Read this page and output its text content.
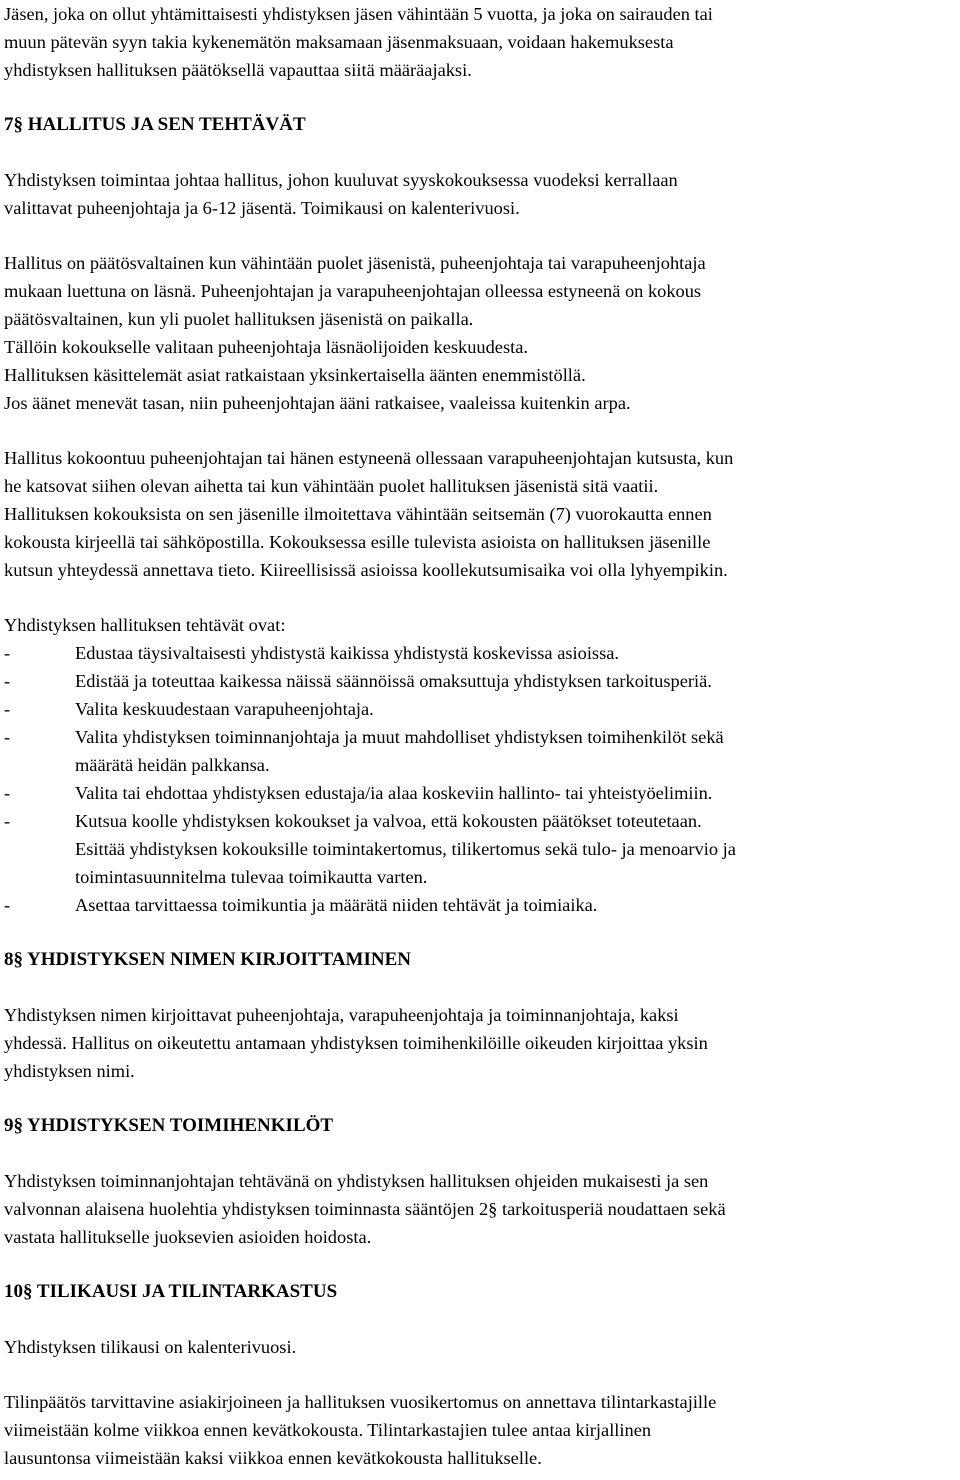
Jäsen, joka on ollut yhtämittaisesti yhdistyksen jäsen vähintään 5 vuotta, ja joka on sairauden tai
muun pätevän syyn takia kykenemätön maksamaan jäsenmaksuaan, voidaan hakemuksesta
yhdistyksen hallituksen päätöksellä vapauttaa siitä määräajaksi.
7§ HALLITUS JA SEN TEHTÄVÄT
Yhdistyksen toimintaa johtaa hallitus, johon kuuluvat syyskokouksessa vuodeksi kerrallaan
valittavat puheenjohtaja ja 6-12 jäsentä. Toimikausi on kalenterivuosi.
Hallitus on päätösvaltainen kun vähintään puolet jäsenistä, puheenjohtaja tai varapuheenjohtaja
mukaan luettuna on läsnä. Puheenjohtajan ja varapuheenjohtajan olleessa estyneenä on kokous
päätösvaltainen, kun yli puolet hallituksen jäsenistä on paikalla.
Tällöin kokoukselle valitaan puheenjohtaja läsnäolijoiden keskuudesta.
Hallituksen käsittelemät asiat ratkaistaan yksinkertaisella äänten enemmistöllä.
Jos äänet menevät tasan, niin puheenjohtajan ääni ratkaisee, vaaleissa kuitenkin arpa.
Hallitus kokoontuu puheenjohtajan tai hänen estyneenä ollessaan varapuheenjohtajan kutsusta, kun
he katsovat siihen olevan aihetta tai kun vähintään puolet hallituksen jäsenistä sitä vaatii.
Hallituksen kokouksista on sen jäsenille ilmoitettava vähintään seitsemän (7) vuorokautta ennen
kokousta kirjeellä tai sähköpostilla. Kokouksessa esille tulevista asioista on hallituksen jäsenille
kutsun yhteydessä annettava tieto. Kiireellisissä asioissa koollekutsumisaika voi olla lyhyempikin.
Yhdistyksen hallituksen tehtävät ovat:
-	Edustaa täysivaltaisesti yhdistystä kaikissa yhdistystä koskevissa asioissa.
-	Edistää ja toteuttaa kaikessa näissä säännöissä omaksuttuja yhdistyksen tarkoitusperiä.
-	Valita keskuudestaan varapuheenjohtaja.
-	Valita yhdistyksen toiminnanjohtaja ja muut mahdolliset yhdistyksen toimihenkilöt sekä
määrätä heidän palkkansa.
-	Valita tai ehdottaa yhdistyksen edustaja/ia alaa koskeviin hallinto- tai yhteistyöelimiin.
-	Kutsua koolle yhdistyksen kokoukset ja valvoa, että kokousten päätökset toteutetaan.
Esittää yhdistyksen kokouksille toimintakertomus, tilikertomus sekä tulo- ja menoarvio ja
toimintasuunnitelma tulevaa toimikautta varten.
-	Asettaa tarvittaessa toimikuntia ja määrätä niiden tehtävät ja toimiaika.
8§ YHDISTYKSEN NIMEN KIRJOITTAMINEN
Yhdistyksen nimen kirjoittavat puheenjohtaja, varapuheenjohtaja ja toiminnanjohtaja, kaksi
yhdessä. Hallitus on oikeutettu antamaan yhdistyksen toimihenkilöille oikeuden kirjoittaa yksin
yhdistyksen nimi.
9§ YHDISTYKSEN TOIMIHENKILÖT
Yhdistyksen toiminnanjohtajan tehtävänä on yhdistyksen hallituksen ohjeiden mukaisesti ja sen
valvonnan alaisena huolehtia yhdistyksen toiminnasta sääntöjen 2§ tarkoitusperiä noudattaen sekä
vastata hallitukselle juoksevien asioiden hoidosta.
10§ TILIKAUSI JA TILINTARKASTUS
Yhdistyksen tilikausi on kalenterivuosi.
Tilinpäätös tarvittavine asiakirjoineen ja hallituksen vuosikertomus on annettava tilintarkastajille
viimeistään kolme viikkoa ennen kevätkokousta. Tilintarkastajien tulee antaa kirjallinen
lausuntonsa viimeistään kaksi viikkoa ennen kevätkokousta hallitukselle.
